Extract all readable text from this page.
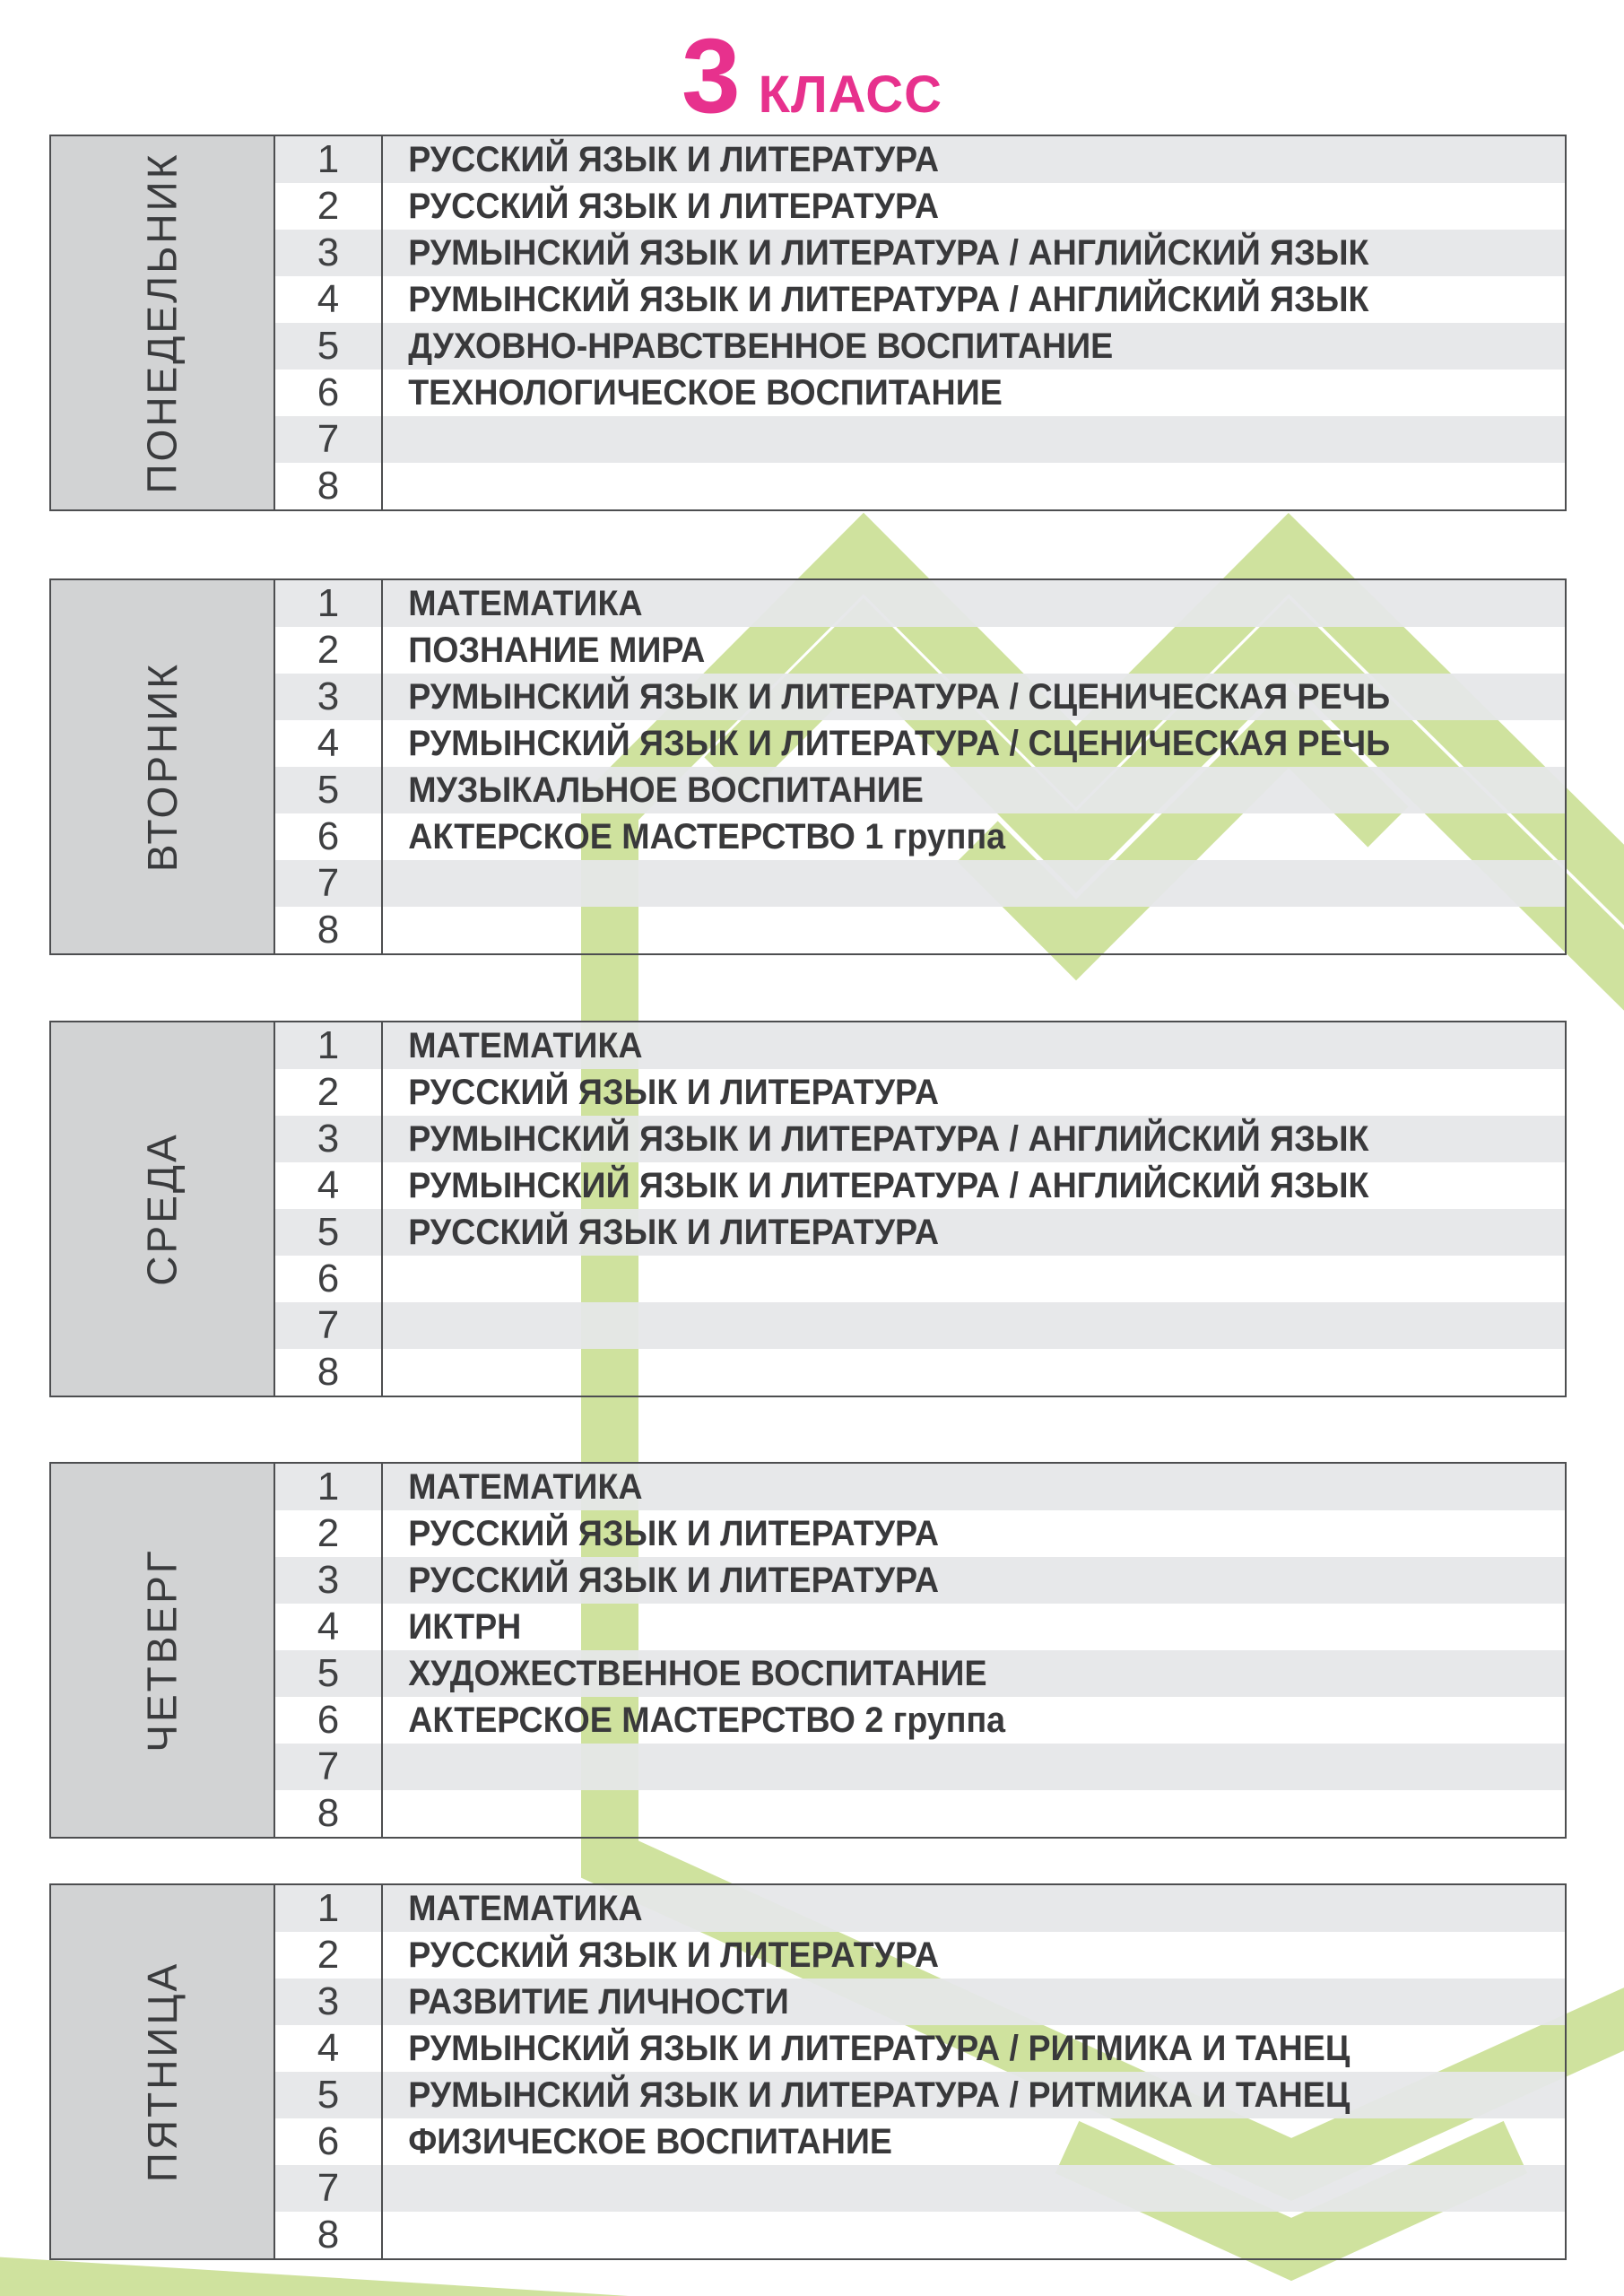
3 КЛАСС
ПОНЕДЕЛЬНИК	1	РУССКИЙ ЯЗЫК И ЛИТЕРАТУРА
2	РУССКИЙ ЯЗЫК И ЛИТЕРАТУРА
3	РУМЫНСКИЙ ЯЗЫК И ЛИТЕРАТУРА / АНГЛИЙСКИЙ ЯЗЫК
4	РУМЫНСКИЙ ЯЗЫК И ЛИТЕРАТУРА / АНГЛИЙСКИЙ ЯЗЫК
5	ДУХОВНО-НРАВСТВЕННОЕ ВОСПИТАНИЕ
6	ТЕХНОЛОГИЧЕСКОЕ ВОСПИТАНИЕ
7
8
ВТОРНИК
1	МАТЕМАТИКА
2	ПОЗНАНИЕ МИРА
3	РУМЫНСКИЙ ЯЗЫК И ЛИТЕРАТУРА / СЦЕНИЧЕСКАЯ РЕЧЬ
4	РУМЫНСКИЙ ЯЗЫК И ЛИТЕРАТУРА / СЦЕНИЧЕСКАЯ РЕЧЬ
5	МУЗЫКАЛЬНОЕ ВОСПИТАНИЕ
6	АКТЕРСКОЕ МАСТЕРСТВО 1 группа
7
8
СРЕДА
1	МАТЕМАТИКА
2	РУССКИЙ ЯЗЫК И ЛИТЕРАТУРА
3	РУМЫНСКИЙ ЯЗЫК И ЛИТЕРАТУРА / АНГЛИЙСКИЙ ЯЗЫК
4	РУМЫНСКИЙ ЯЗЫК И ЛИТЕРАТУРА / АНГЛИЙСКИЙ ЯЗЫК
5	РУССКИЙ ЯЗЫК И ЛИТЕРАТУРА
6
7
8
ЧЕТВЕРГ
1	МАТЕМАТИКА
2	РУССКИЙ ЯЗЫК И ЛИТЕРАТУРА
3	РУССКИЙ ЯЗЫК И ЛИТЕРАТУРА
4	ИКТРН
5	ХУДОЖЕСТВЕННОЕ ВОСПИТАНИЕ
6	АКТЕРСКОЕ МАСТЕРСТВО 2 группа
7
8
ПЯТНИЦА
1	МАТЕМАТИКА
2	РУССКИЙ ЯЗЫК И ЛИТЕРАТУРА
3	РАЗВИТИЕ ЛИЧНОСТИ
4	РУМЫНСКИЙ ЯЗЫК И ЛИТЕРАТУРА / РИТМИКА И ТАНЕЦ
5	РУМЫНСКИЙ ЯЗЫК И ЛИТЕРАТУРА / РИТМИКА И ТАНЕЦ
6	ФИЗИЧЕСКОЕ ВОСПИТАНИЕ
7
8
